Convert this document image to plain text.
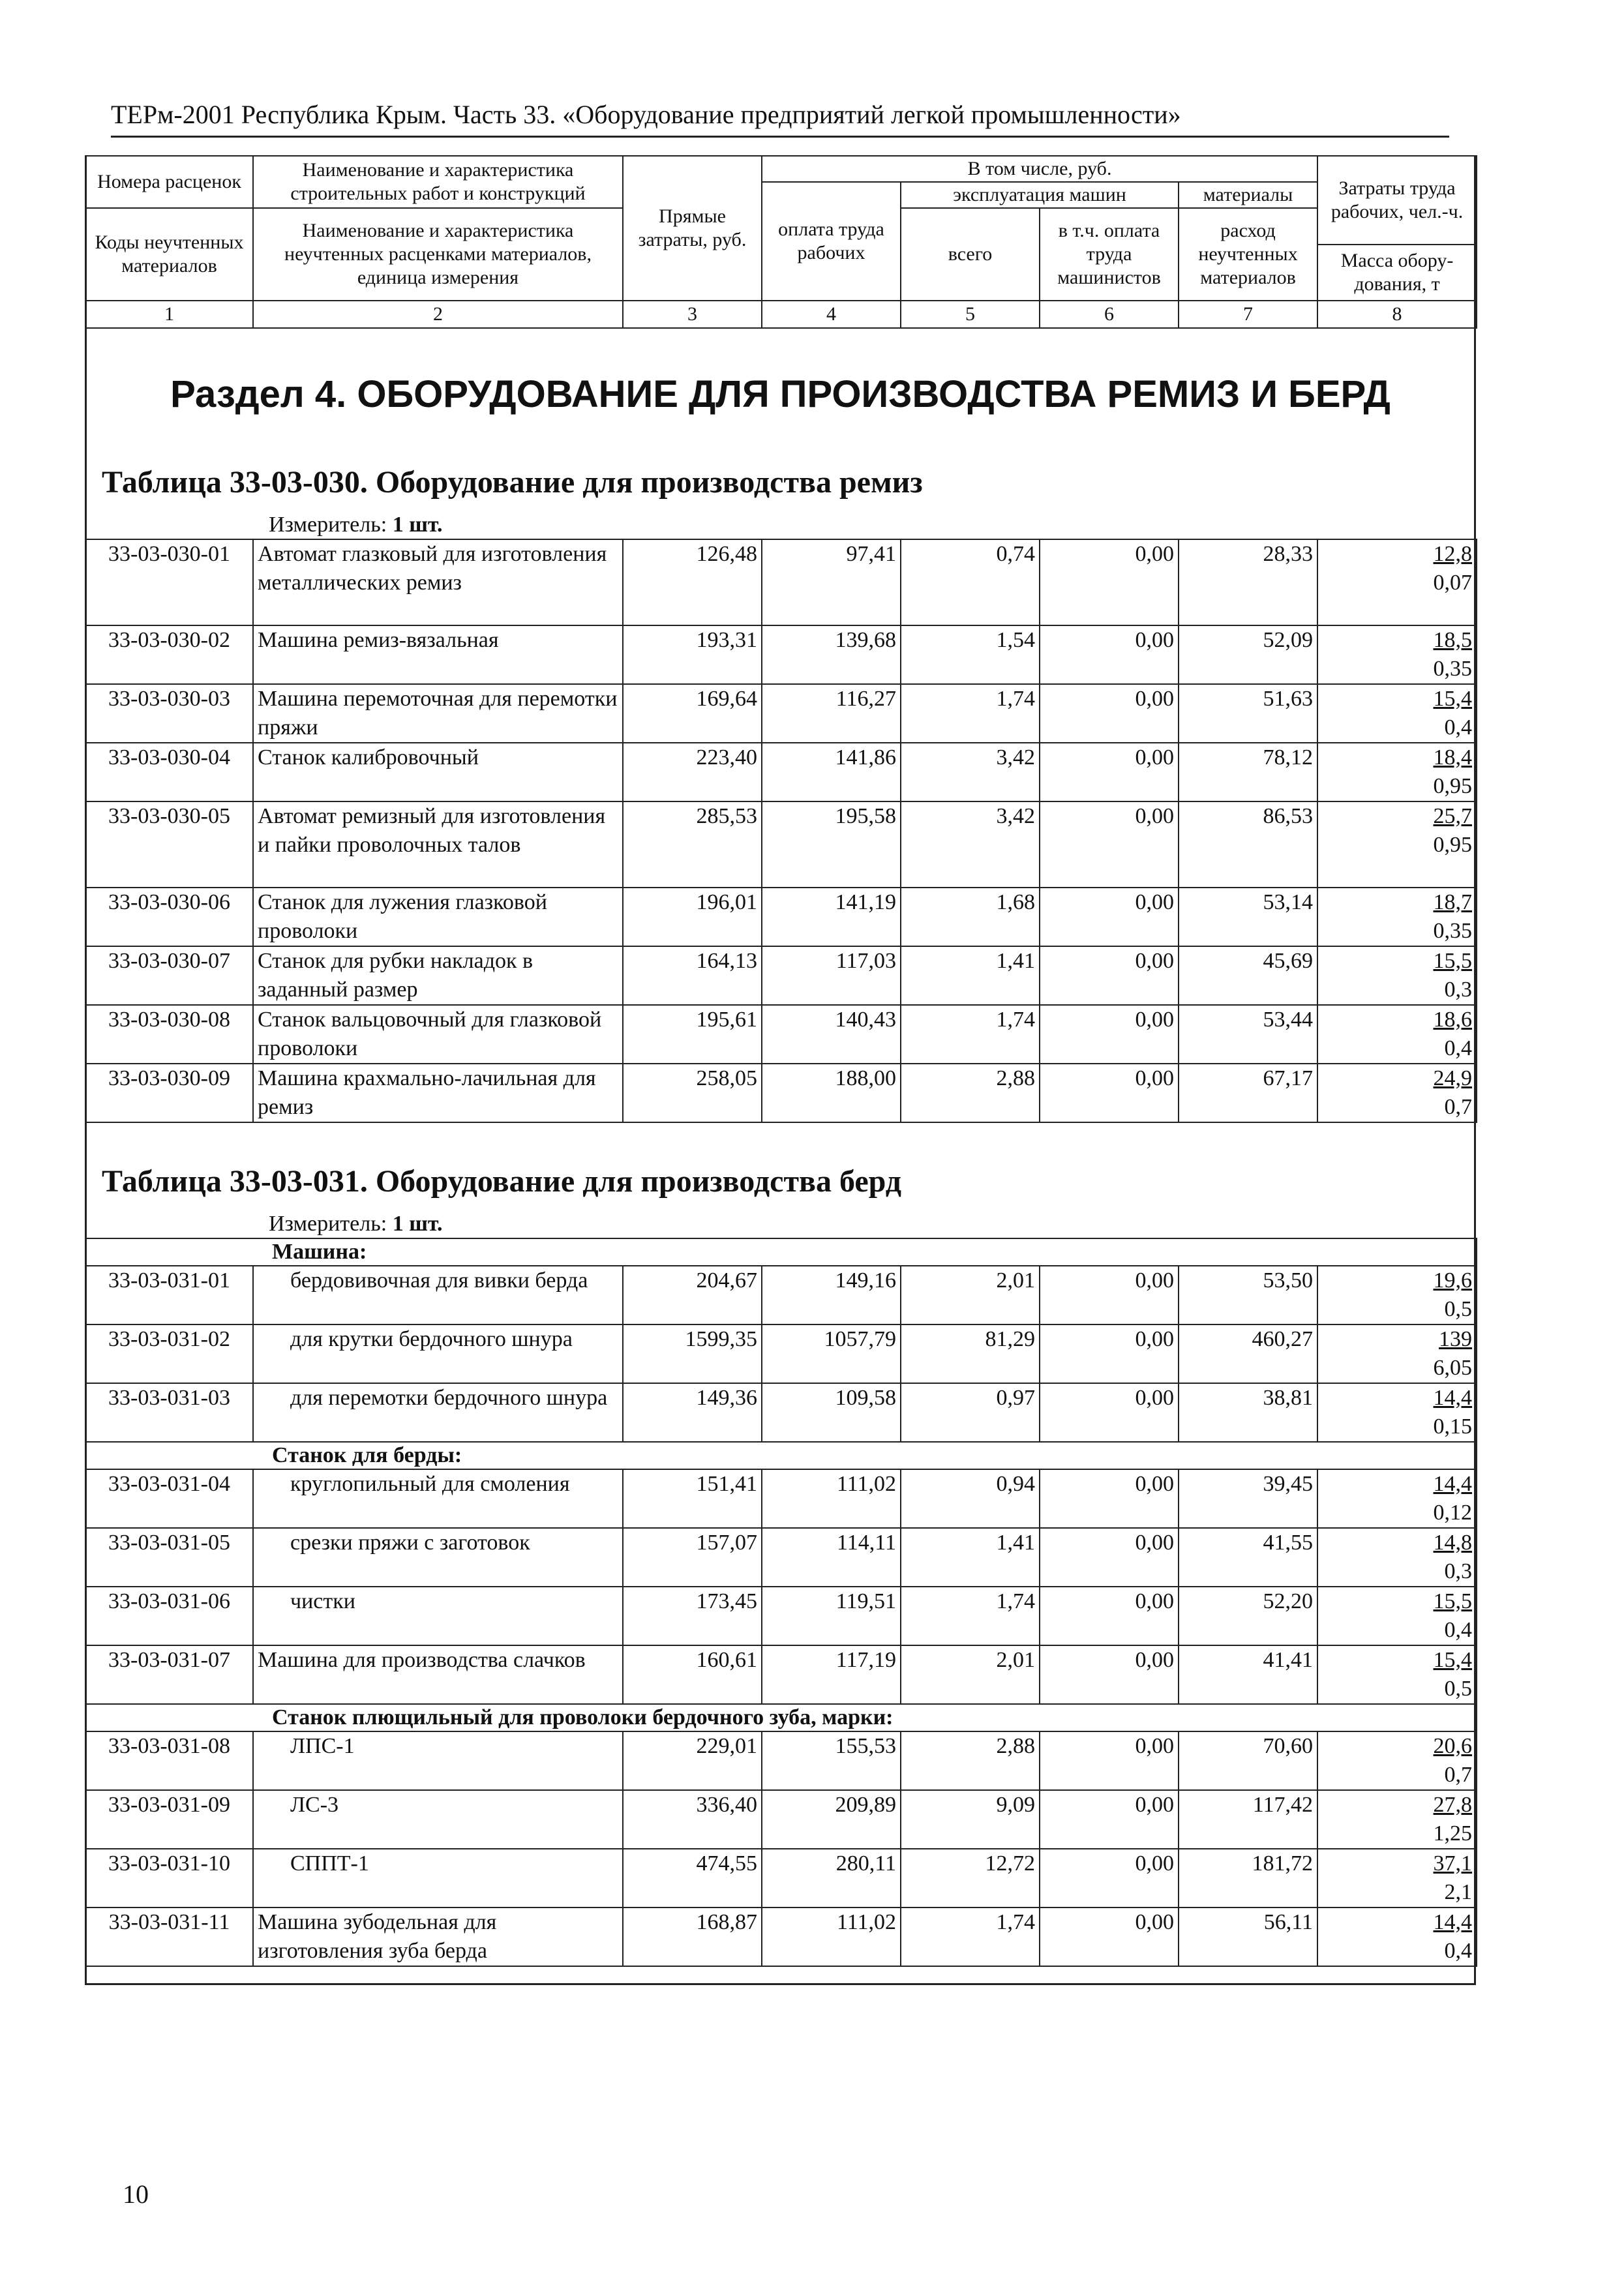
ТЕРм-2001 Республика Крым. Часть 33. «Оборудование предприятий легкой промышленности»
Номера расценок	Наименование и характеристика строительных работ и конструкций	Прямые затраты, руб.	В том числе, руб.				Затраты труда рабочих, чел.-ч.
			оплата труда рабочих	эксплуатация машин		материалы	
Коды неучтенных материалов	Наименование и характеристика неучтенных расценками материалов, единица измерения			всего	в т.ч. оплата труда машинистов	расход неучтенных материалов	
							Масса обору-дования, т
1	2	3	4	5	6	7	8
Раздел 4. ОБОРУДОВАНИЕ ДЛЯ ПРОИЗВОДСТВА РЕМИЗ И БЕРД
Таблица 33-03-030. Оборудование для производства ремиз
Измеритель: 1 шт.
33-03-030-01	Автомат глазковый для изготовления металлических ремиз	126,48	97,41	0,74	0,00	28,33	12,8
0,07

33-03-030-02	Машина ремиз-вязальная	193,31	139,68	1,54	0,00	52,09	18,5
0,35

33-03-030-03	Машина перемоточная для перемотки пряжи	169,64	116,27	1,74	0,00	51,63	15,4
0,4

33-03-030-04	Станок калибровочный	223,40	141,86	3,42	0,00	78,12	18,4
0,95

33-03-030-05	Автомат ремизный для изготовления и пайки проволочных талов	285,53	195,58	3,42	0,00	86,53	25,7
0,95

33-03-030-06	Станок для лужения глазковой проволоки	196,01	141,19	1,68	0,00	53,14	18,7
0,35

33-03-030-07	Станок для рубки накладок в заданный размер	164,13	117,03	1,41	0,00	45,69	15,5
0,3

33-03-030-08	Станок вальцовочный для глазковой проволоки	195,61	140,43	1,74	0,00	53,44	18,6
0,4

33-03-030-09	Машина крахмально-лачильная для ремиз	258,05	188,00	2,88	0,00	67,17	24,9
0,7
Таблица 33-03-031. Оборудование для производства берд
Измеритель: 1 шт.
Машина:							
33-03-031-01	бердовивочная для вивки берда	204,67	149,16	2,01	0,00	53,50	19,6
0,5

33-03-031-02	для крутки бердочного шнура	1599,35	1057,79	81,29	0,00	460,27	139
6,05

33-03-031-03	для перемотки бердочного шнура	149,36	109,58	0,97	0,00	38,81	14,4
0,15

Станок для берды:							
33-03-031-04	круглопильный для смоления	151,41	111,02	0,94	0,00	39,45	14,4
0,12

33-03-031-05	срезки пряжи с заготовок	157,07	114,11	1,41	0,00	41,55	14,8
0,3

33-03-031-06	чистки	173,45	119,51	1,74	0,00	52,20	15,5
0,4

33-03-031-07	Машина для производства слачков	160,61	117,19	2,01	0,00	41,41	15,4
0,5

Станок плющильный для проволоки бердочного зуба, марки:							
33-03-031-08	ЛПС-1	229,01	155,53	2,88	0,00	70,60	20,6
0,7

33-03-031-09	ЛС-3	336,40	209,89	9,09	0,00	117,42	27,8
1,25

33-03-031-10	СППТ-1	474,55	280,11	12,72	0,00	181,72	37,1
2,1

33-03-031-11	Машина зубодельная для изготовления зуба берда	168,87	111,02	1,74	0,00	56,11	14,4
0,4
10
